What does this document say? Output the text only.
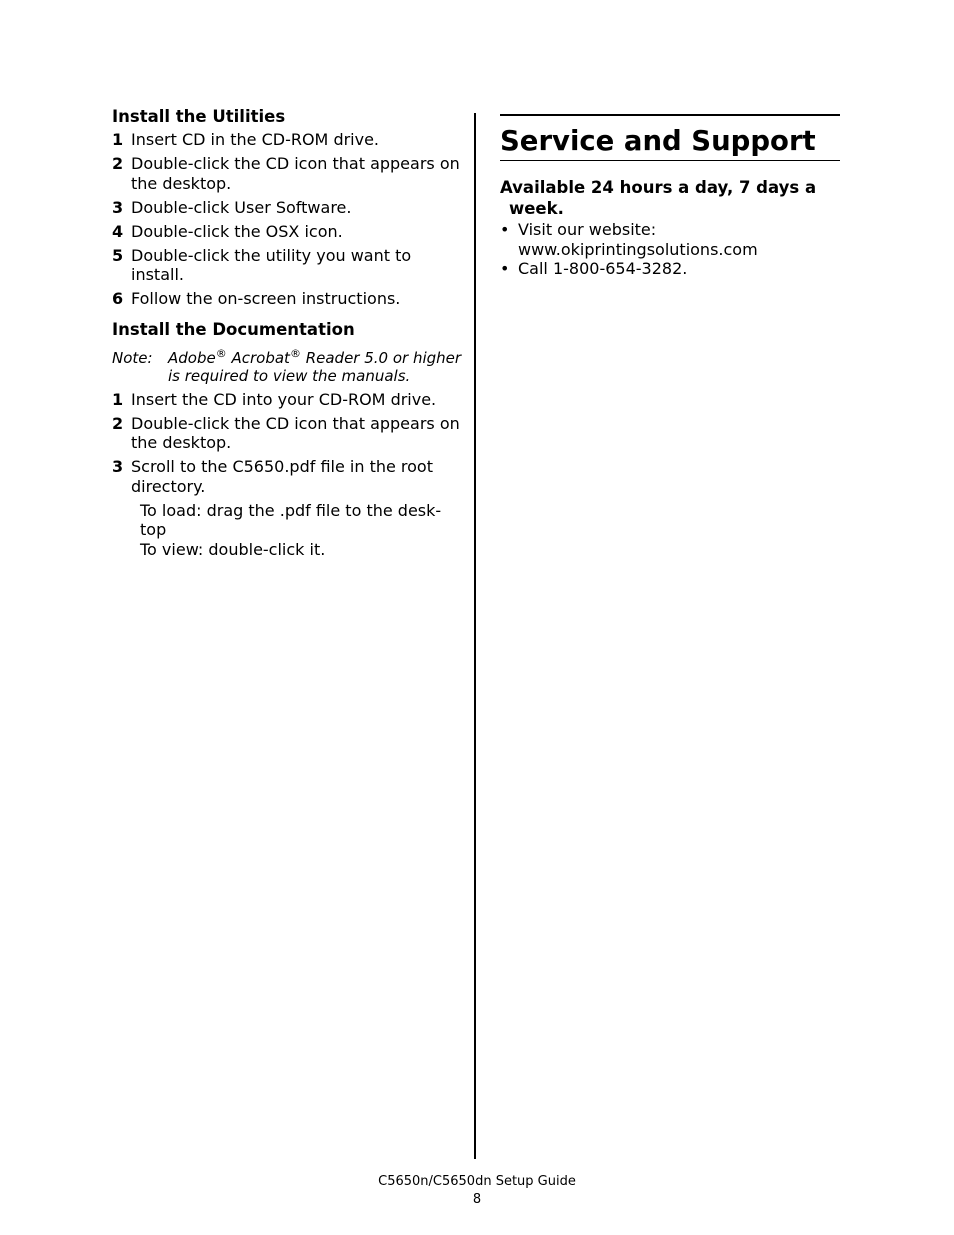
Install the Utilities
1 Insert CD in the CD-ROM drive.
2 Double-click the CD icon that appears on the desktop.
3 Double-click User Software.
4 Double-click the OSX icon.
5 Double-click the utility you want to install.
6 Follow the on-screen instructions.
Install the Documentation
Note: Adobe® Acrobat® Reader 5.0 or higher is required to view the manuals.
1 Insert the CD into your CD-ROM drive.
2 Double-click the CD icon that appears on the desktop.
3 Scroll to the C5650.pdf file in the root directory.
To load: drag the .pdf file to the desk-top
To view: double-click it.
Service and Support

Available 24 hours a day, 7 days a week.

• Visit our website:
www.okiprintingsolutions.com
• Call 1-800-654-3282.
C5650n/C5650dn Setup Guide
8
